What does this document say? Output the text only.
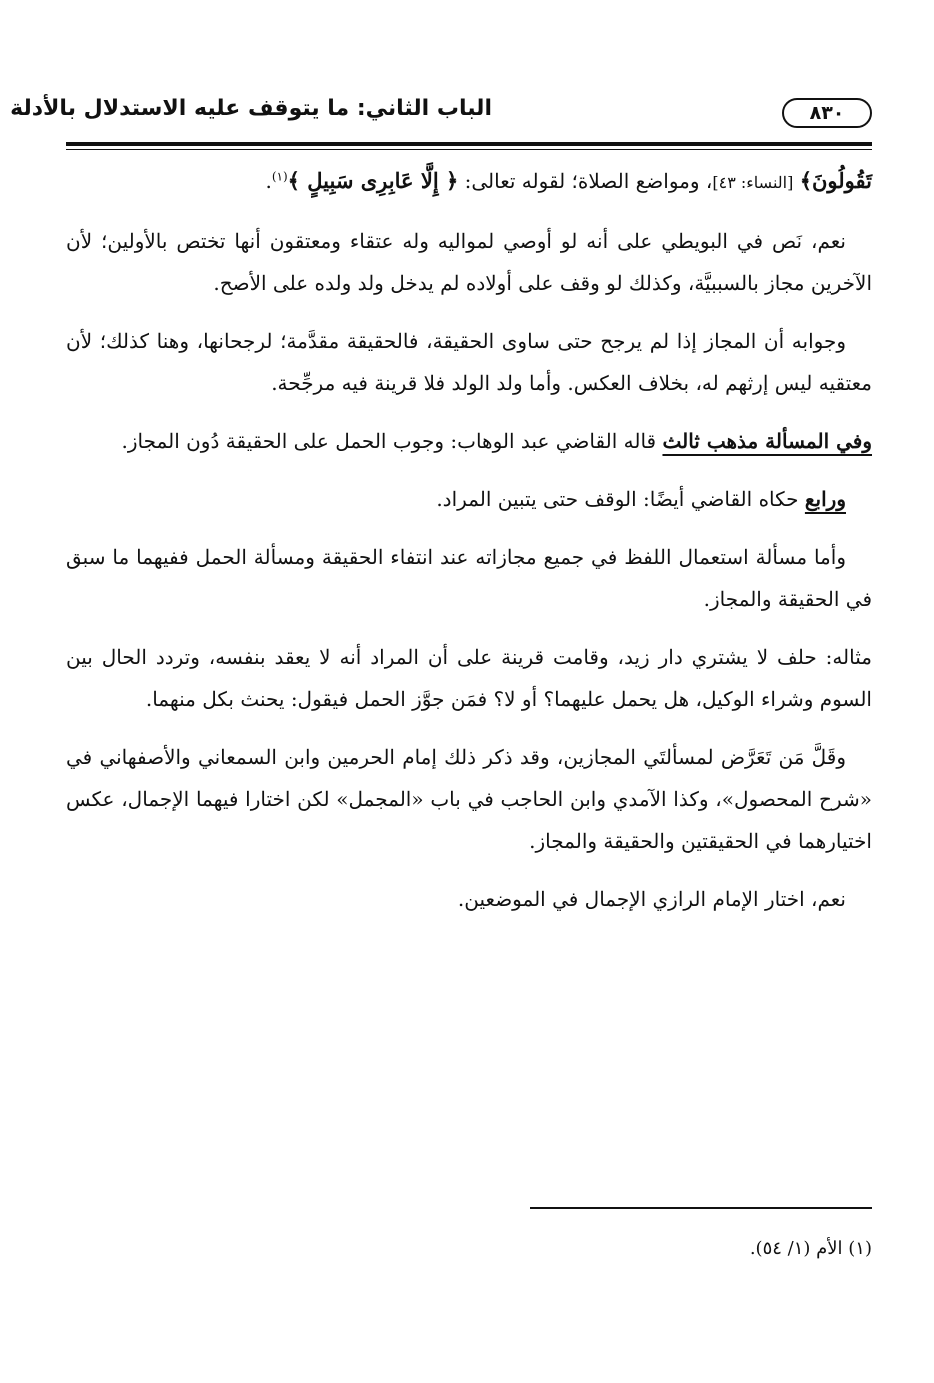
الباب الثاني: ما يتوقف عليه الاستدلال بالأدلة	٨٣٠

تَقُولُونَ﴾ [النساء: ٤٣]، ومواضع الصلاة؛ لقوله تعالى: ﴿ إِلَّا عَابِرِى سَبِيلٍ ﴾$^{(١)}$.

نعم، نَص في البويطي على أنه لو أوصي لمواليه وله عتقاء ومعتقون أنها تختص بالأولين؛ لأن الآخرين مجاز بالسببيَّة، وكذلك لو وقف على أولاده لم يدخل ولد ولده على الأصح.

وجوابه أن المجاز إذا لم يرجح حتى ساوى الحقيقة، فالحقيقة مقدَّمة؛ لرجحانها، وهنا كذلك؛ لأن معتقيه ليس إرثهم له، بخلاف العكس. وأما ولد الولد فلا قرينة فيه مرجِّحة.

وفي المسألة مذهب ثالث قاله القاضي عبد الوهاب: وجوب الحمل على الحقيقة دُون المجاز.

ورابع حكاه القاضي أيضًا: الوقف حتى يتبين المراد.

وأما مسألة استعمال اللفظ في جميع مجازاته عند انتفاء الحقيقة ومسألة الحمل ففيهما ما سبق في الحقيقة والمجاز.

مثاله: حلف لا يشتري دار زيد، وقامت قرينة على أن المراد أنه لا يعقد بنفسه، وتردد الحال بين السوم وشراء الوكيل، هل يحمل عليهما؟ أو لا؟ فمَن جوَّز الحمل فيقول: يحنث بكل منهما.

وقَلَّ مَن تَعَرَّض لمسألتَي المجازين، وقد ذكر ذلك إمام الحرمين وابن السمعاني والأصفهاني في «شرح المحصول»، وكذا الآمدي وابن الحاجب في باب «المجمل» لكن اختارا فيهما الإجمال، عكس اختيارهما في الحقيقتين والحقيقة والمجاز.

نعم، اختار الإمام الرازي الإجمال في الموضعين.

(١) الأم (١/ ٥٤).
